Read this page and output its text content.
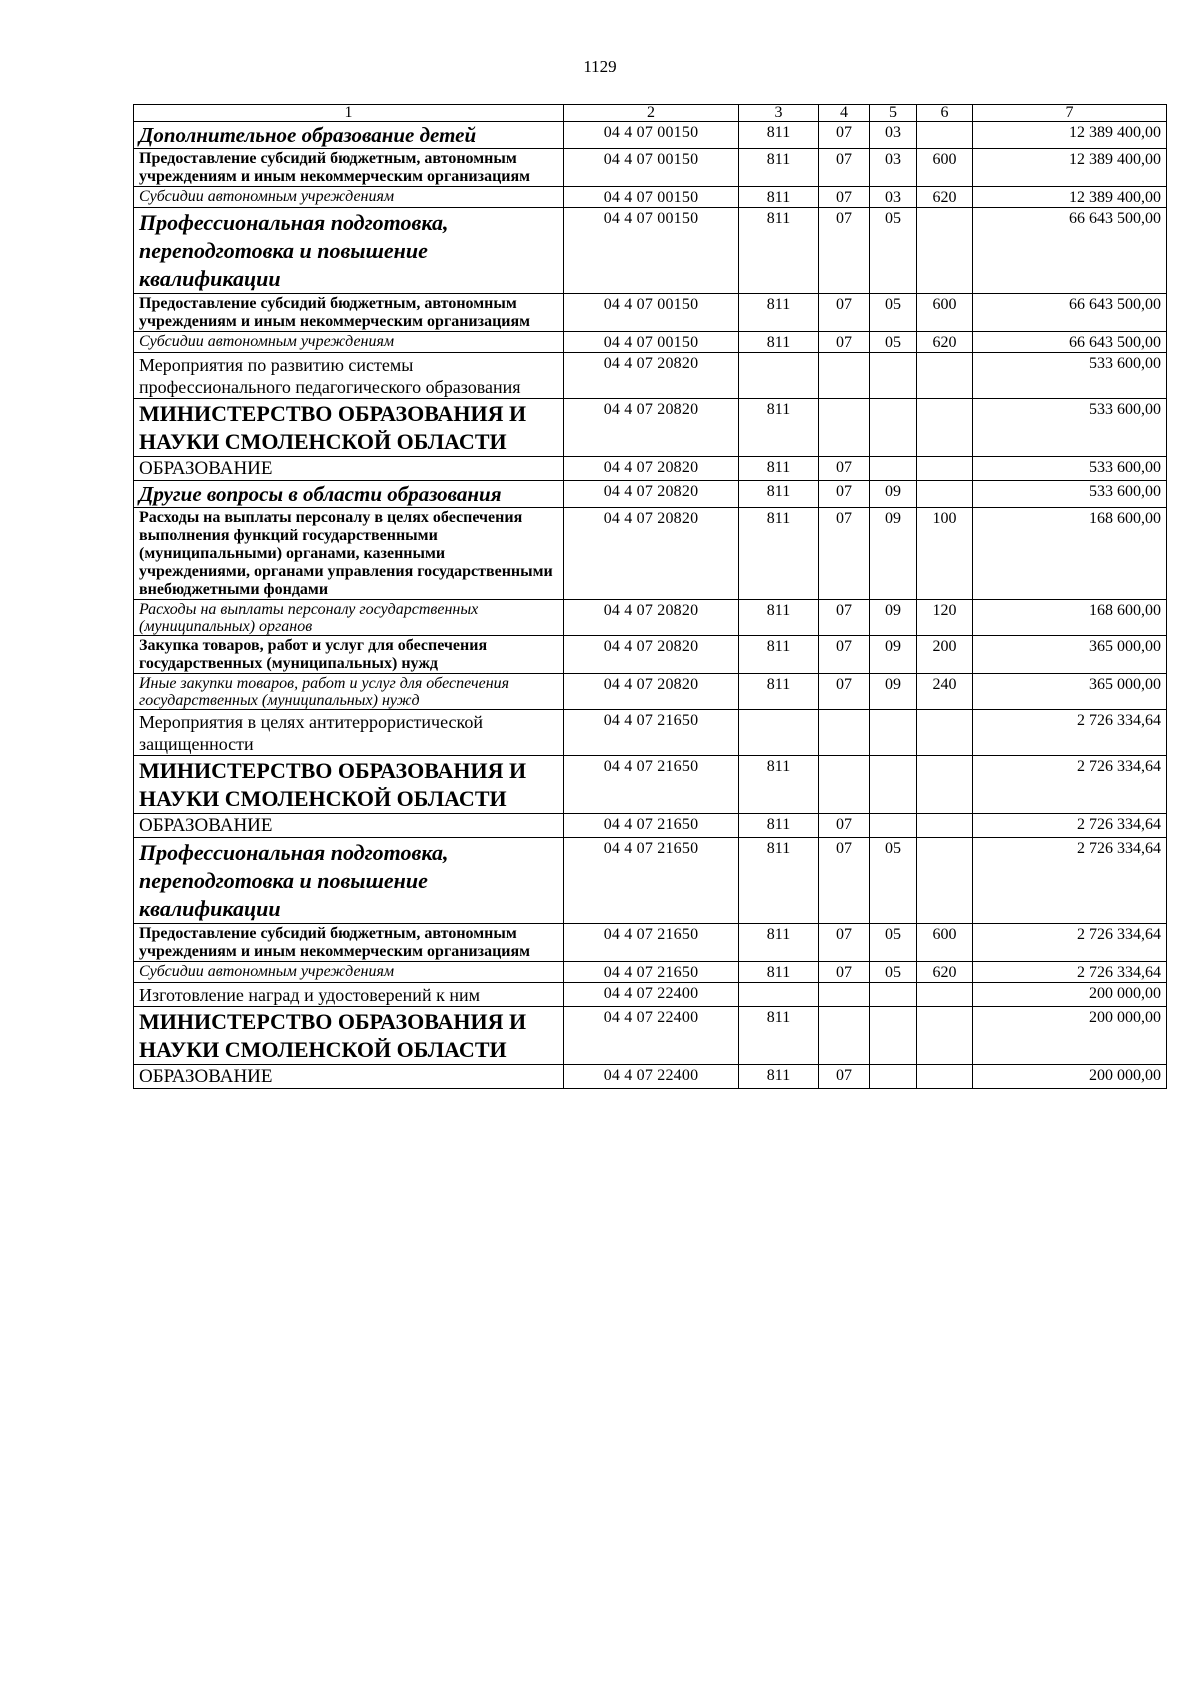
1129
1	2	3	4	5	6	7
Дополнительное образование детей	04 4 07 00150	811	07	03		12 389 400,00
Предоставление субсидий бюджетным, автономным учреждениям и иным некоммерческим организациям	04 4 07 00150	811	07	03	600	12 389 400,00
Субсидии автономным учреждениям	04 4 07 00150	811	07	03	620	12 389 400,00
Профессиональная подготовка, переподготовка и повышение квалификации	04 4 07 00150	811	07	05		66 643 500,00
Предоставление субсидий бюджетным, автономным учреждениям и иным некоммерческим организациям	04 4 07 00150	811	07	05	600	66 643 500,00
Субсидии автономным учреждениям	04 4 07 00150	811	07	05	620	66 643 500,00
Мероприятия по развитию системы профессионального педагогического образования	04 4 07 20820					533 600,00
МИНИСТЕРСТВО ОБРАЗОВАНИЯ И НАУКИ СМОЛЕНСКОЙ ОБЛАСТИ	04 4 07 20820	811				533 600,00
ОБРАЗОВАНИЕ	04 4 07 20820	811	07			533 600,00
Другие вопросы в области образования	04 4 07 20820	811	07	09		533 600,00
Расходы на выплаты персоналу в целях обеспечения выполнения функций государственными (муниципальными) органами, казенными учреждениями, органами управления государственными внебюджетными фондами	04 4 07 20820	811	07	09	100	168 600,00
Расходы на выплаты персоналу государственных (муниципальных) органов	04 4 07 20820	811	07	09	120	168 600,00
Закупка товаров, работ и услуг для обеспечения государственных (муниципальных) нужд	04 4 07 20820	811	07	09	200	365 000,00
Иные закупки товаров, работ и услуг для обеспечения государственных (муниципальных) нужд	04 4 07 20820	811	07	09	240	365 000,00
Мероприятия в целях антитеррористической защищенности	04 4 07 21650					2 726 334,64
МИНИСТЕРСТВО ОБРАЗОВАНИЯ И НАУКИ СМОЛЕНСКОЙ ОБЛАСТИ	04 4 07 21650	811				2 726 334,64
ОБРАЗОВАНИЕ	04 4 07 21650	811	07			2 726 334,64
Профессиональная подготовка, переподготовка и повышение квалификации	04 4 07 21650	811	07	05		2 726 334,64
Предоставление субсидий бюджетным, автономным учреждениям и иным некоммерческим организациям	04 4 07 21650	811	07	05	600	2 726 334,64
Субсидии автономным учреждениям	04 4 07 21650	811	07	05	620	2 726 334,64
Изготовление наград и удостоверений к ним	04 4 07 22400					200 000,00
МИНИСТЕРСТВО ОБРАЗОВАНИЯ И НАУКИ СМОЛЕНСКОЙ ОБЛАСТИ	04 4 07 22400	811				200 000,00
ОБРАЗОВАНИЕ	04 4 07 22400	811	07			200 000,00
